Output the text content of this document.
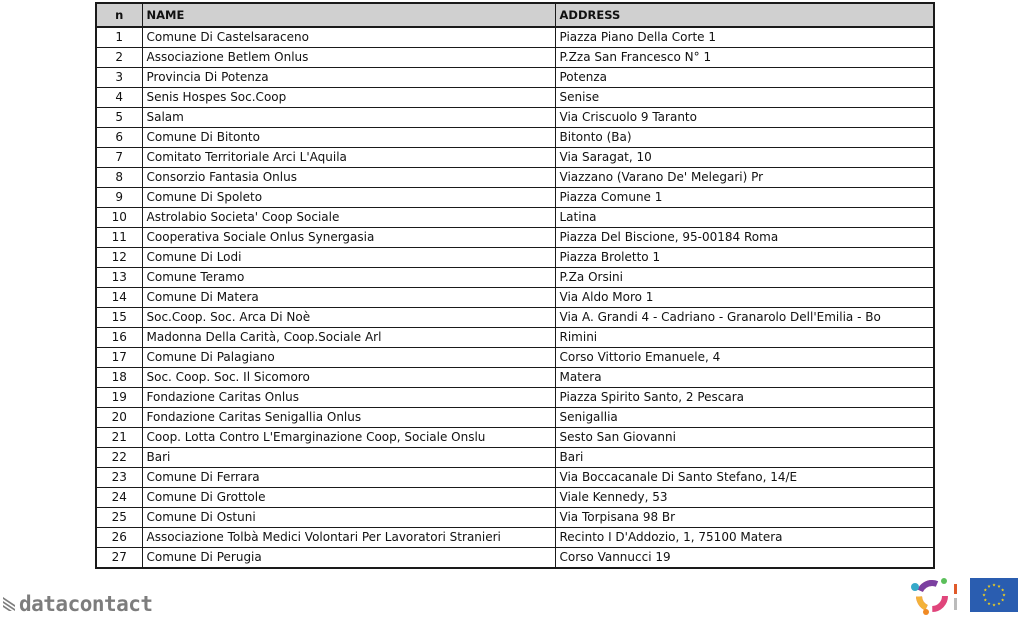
n	NAME	ADDRESS
1	Comune Di Castelsaraceno	Piazza Piano Della Corte 1
2	Associazione Betlem Onlus	P.Zza San Francesco N° 1
3	Provincia Di Potenza	Potenza
4	Senis Hospes Soc.Coop	Senise
5	Salam	Via Criscuolo 9 Taranto
6	Comune Di Bitonto	Bitonto (Ba)
7	Comitato Territoriale Arci L'Aquila	Via Saragat, 10
8	Consorzio Fantasia Onlus	Viazzano (Varano De' Melegari) Pr
9	Comune Di Spoleto	Piazza Comune 1
10	Astrolabio Societa' Coop Sociale	Latina
11	Cooperativa Sociale Onlus Synergasia	Piazza Del Biscione, 95-00184 Roma
12	Comune Di Lodi	Piazza Broletto 1
13	Comune Teramo	P.Za Orsini
14	Comune Di Matera	Via Aldo Moro 1
15	Soc.Coop. Soc. Arca Di Noè	Via A. Grandi 4 - Cadriano - Granarolo Dell'Emilia - Bo
16	Madonna Della Carità, Coop.Sociale Arl	Rimini
17	Comune Di Palagiano	Corso Vittorio Emanuele, 4
18	Soc. Coop. Soc. Il Sicomoro	Matera
19	Fondazione Caritas Onlus	Piazza Spirito Santo, 2 Pescara
20	Fondazione Caritas Senigallia Onlus	Senigallia
21	Coop. Lotta Contro L'Emarginazione Coop, Sociale Onslu	Sesto San Giovanni
22	Bari	Bari
23	Comune Di Ferrara	Via Boccacanale Di Santo Stefano, 14/E
24	Comune Di Grottole	Viale Kennedy, 53
25	Comune Di Ostuni	Via Torpisana 98 Br
26	Associazione Tolbà Medici Volontari Per Lavoratori Stranieri	Recinto I D'Addozio, 1, 75100 Matera
27	Comune Di Perugia	Corso Vannucci 19
datacontact
